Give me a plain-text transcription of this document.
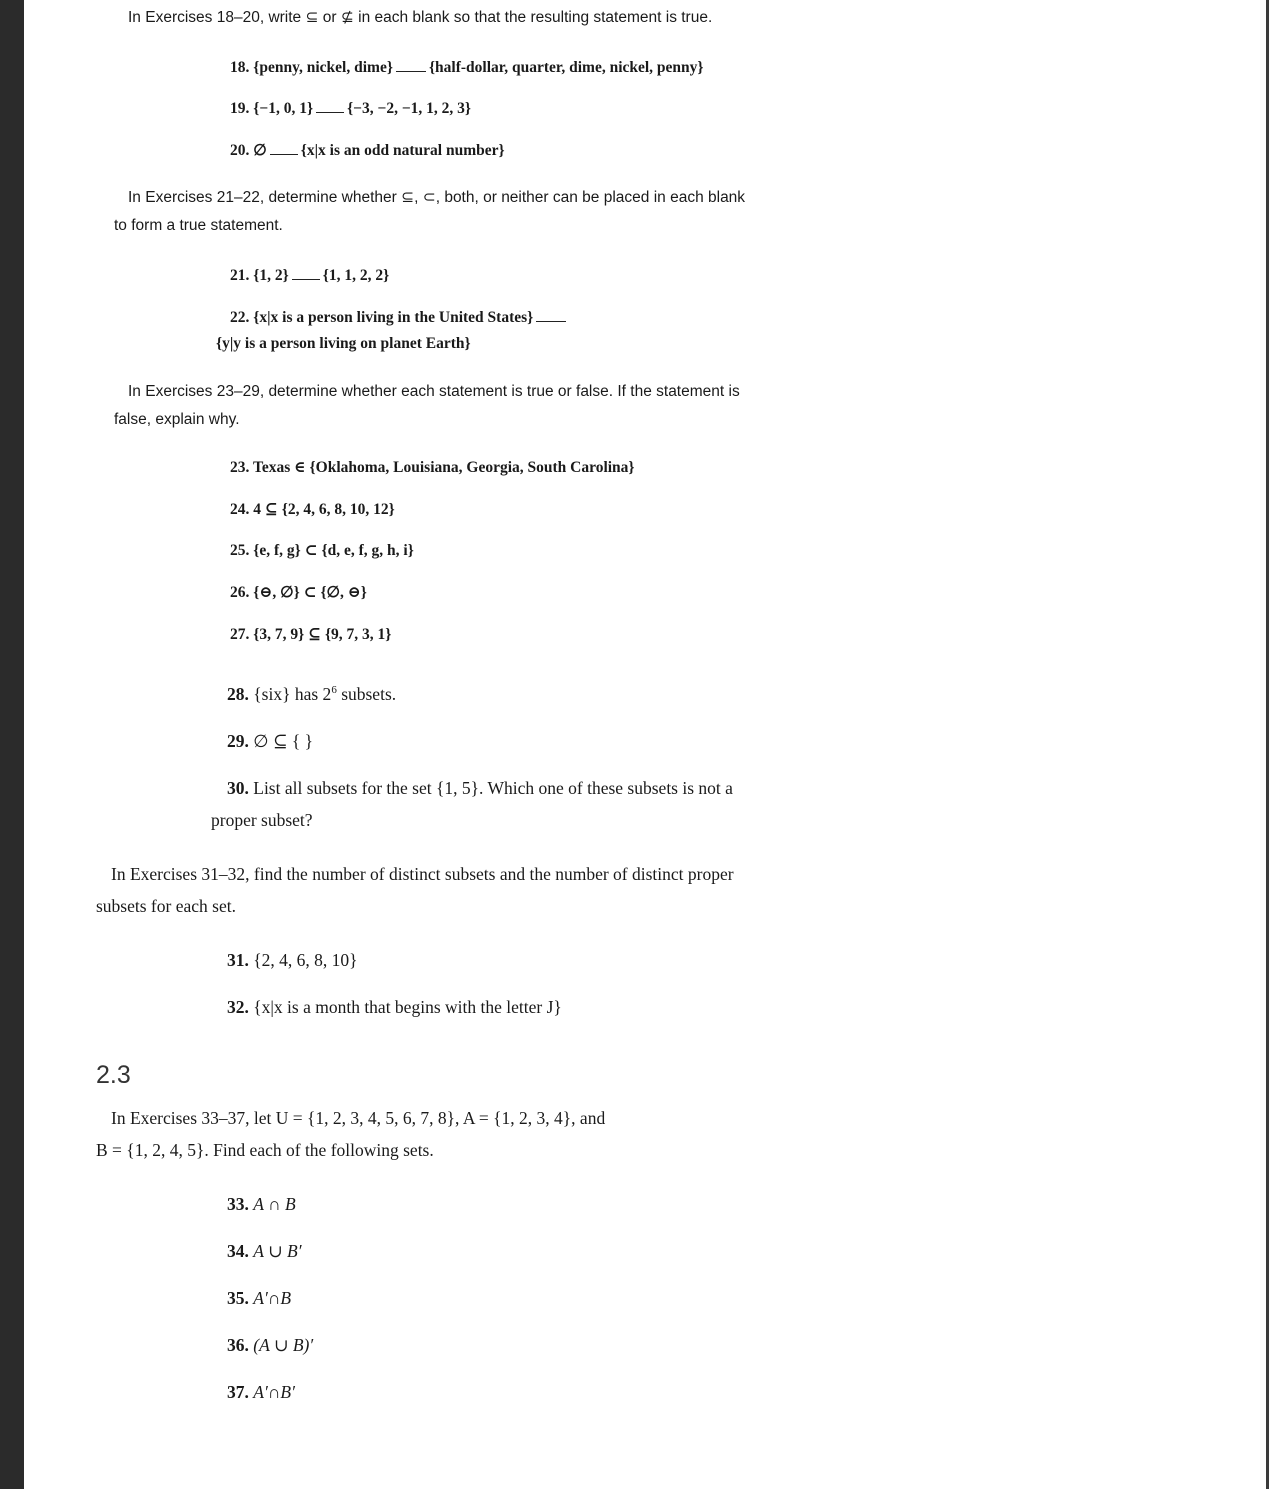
In Exercises 18–20, write ⊆ or ⊈ in each blank so that the resulting statement is true.
18. {penny, nickel, dime} {half-dollar, quarter, dime, nickel, penny}
19. {−1, 0, 1} {−3, −2, −1, 1, 2, 3}
20. ∅ {x|x is an odd natural number}
In Exercises 21–22, determine whether ⊆, ⊂, both, or neither can be placed in each blank
to form a true statement.
21. {1, 2} {1, 1, 2, 2}
22. {x|x is a person living in the United States}
{y|y is a person living on planet Earth}
In Exercises 23–29, determine whether each statement is true or false. If the statement is
false, explain why.
23. Texas ∈ {Oklahoma, Louisiana, Georgia, South Carolina}
24. 4 ⊆ {2, 4, 6, 8, 10, 12}
25. {e, f, g} ⊂ {d, e, f, g, h, i}
26. {⊖, ∅} ⊂ {∅, ⊖}
27. {3, 7, 9} ⊆ {9, 7, 3, 1}
28. {six} has $2^6$ subsets.
29. ∅ ⊆ { }
30. List all subsets for the set {1, 5}. Which one of these subsets is not a
proper subset?
In Exercises 31–32, find the number of distinct subsets and the number of distinct proper
subsets for each set.
31. {2, 4, 6, 8, 10}
32. {x|x is a month that begins with the letter J}
2.3
In Exercises 33–37, let U = {1, 2, 3, 4, 5, 6, 7, 8}, A = {1, 2, 3, 4}, and
B = {1, 2, 4, 5}. Find each of the following sets.
33. A ∩ B
34. A ∪ B′
35. A′∩B
36. (A ∪ B)′
37. A′∩B′
